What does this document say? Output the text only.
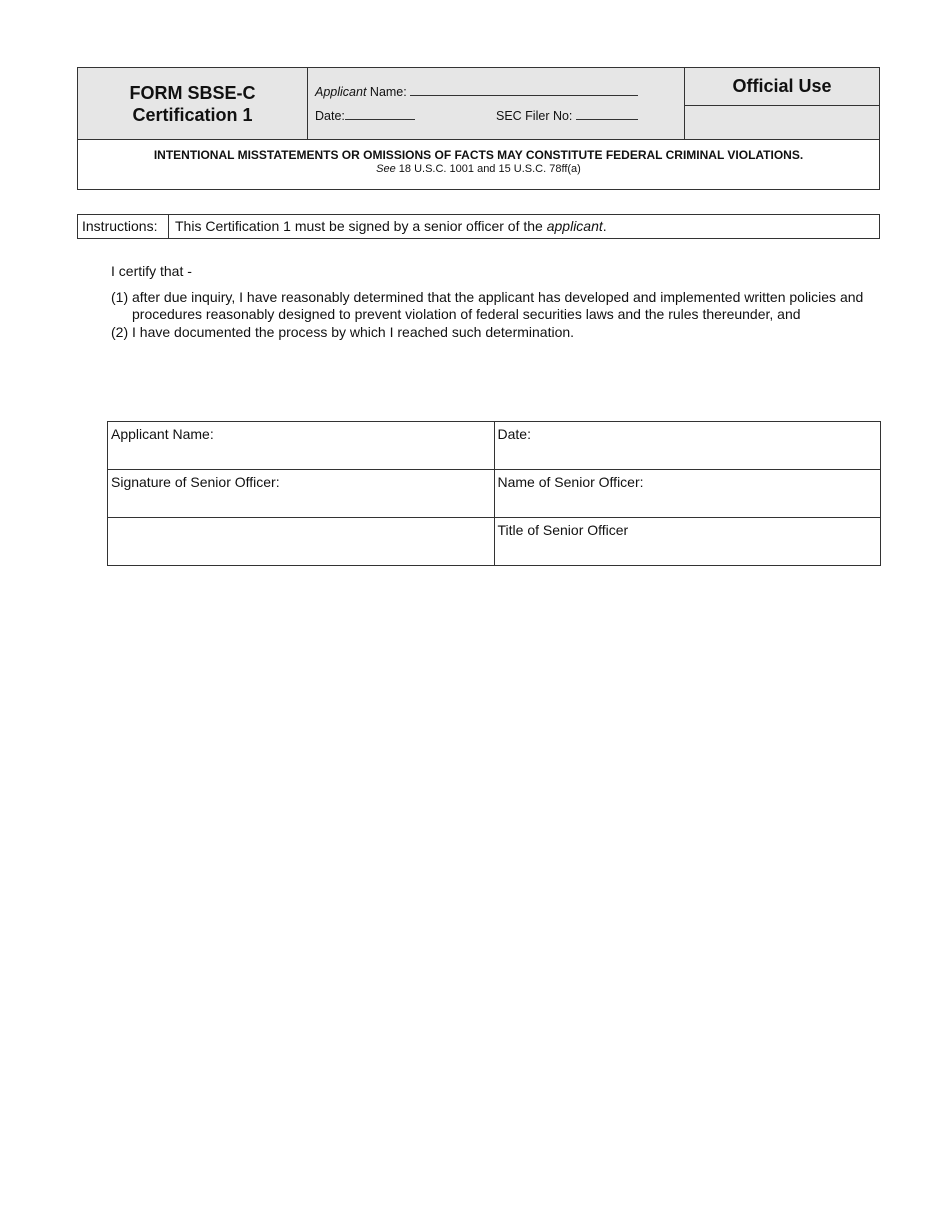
FORM SBSE-C
Certification 1
Applicant Name:
Date:	SEC Filer No:
Official Use
INTENTIONAL MISSTATEMENTS OR OMISSIONS OF FACTS MAY CONSTITUTE FEDERAL CRIMINAL VIOLATIONS.
See 18 U.S.C. 1001 and 15 U.S.C. 78ff(a)
Instructions:	This Certification 1 must be signed by a senior officer of the applicant.
I certify that -
(1) after due inquiry, I have reasonably determined that the applicant has developed and implemented written policies and procedures reasonably designed to prevent violation of federal securities laws and the rules thereunder, and
(2) I have documented the process by which I reached such determination.
Applicant Name:	Date:
Signature of Senior Officer:	Name of Senior Officer:
	Title of Senior Officer
